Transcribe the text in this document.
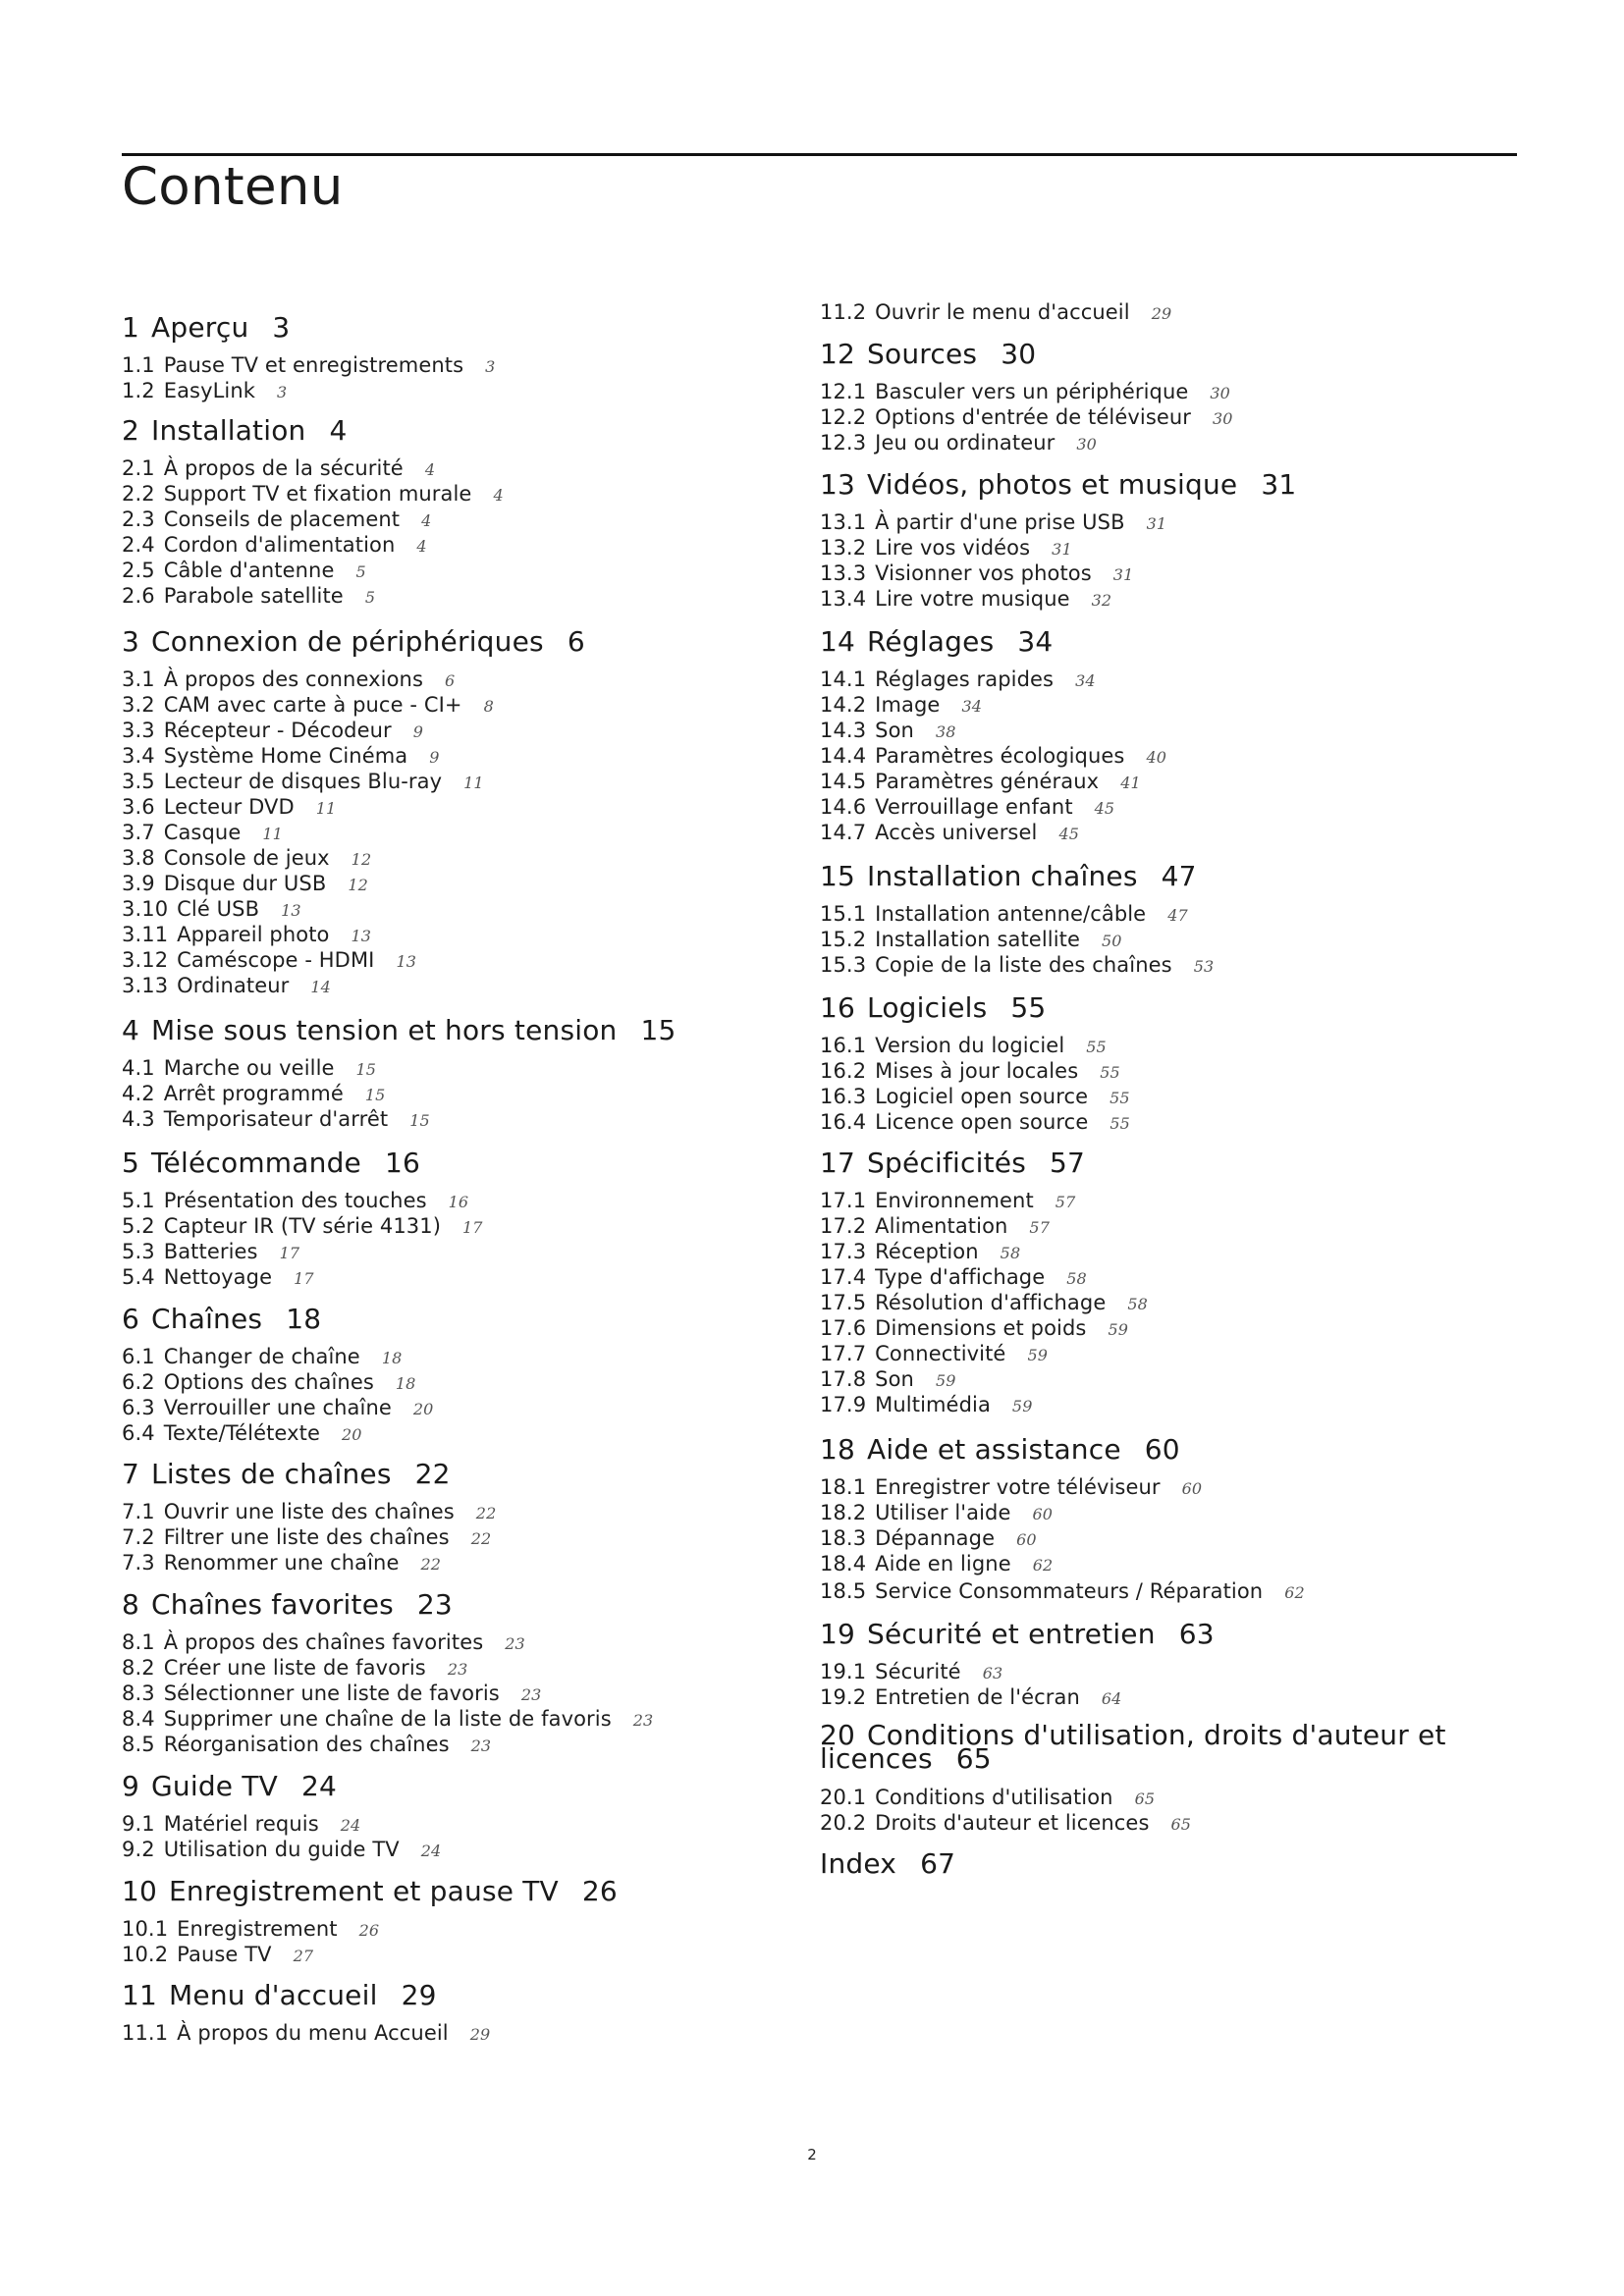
Contenu
1 Aperçu 3
1.1 Pause TV et enregistrements 3
1.2 EasyLink 3
2 Installation 4
2.1 À propos de la sécurité 4
2.2 Support TV et fixation murale 4
2.3 Conseils de placement 4
2.4 Cordon d'alimentation 4
2.5 Câble d'antenne 5
2.6 Parabole satellite 5
3 Connexion de périphériques 6
3.1 À propos des connexions 6
3.2 CAM avec carte à puce - CI+ 8
3.3 Récepteur - Décodeur 9
3.4 Système Home Cinéma 9
3.5 Lecteur de disques Blu-ray 11
3.6 Lecteur DVD 11
3.7 Casque 11
3.8 Console de jeux 12
3.9 Disque dur USB 12
3.10 Clé USB 13
3.11 Appareil photo 13
3.12 Caméscope - HDMI 13
3.13 Ordinateur 14
4 Mise sous tension et hors tension 15
4.1 Marche ou veille 15
4.2 Arrêt programmé 15
4.3 Temporisateur d'arrêt 15
5 Télécommande 16
5.1 Présentation des touches 16
5.2 Capteur IR (TV série 4131) 17
5.3 Batteries 17
5.4 Nettoyage 17
6 Chaînes 18
6.1 Changer de chaîne 18
6.2 Options des chaînes 18
6.3 Verrouiller une chaîne 20
6.4 Texte/Télétexte 20
7 Listes de chaînes 22
7.1 Ouvrir une liste des chaînes 22
7.2 Filtrer une liste des chaînes 22
7.3 Renommer une chaîne 22
8 Chaînes favorites 23
8.1 À propos des chaînes favorites 23
8.2 Créer une liste de favoris 23
8.3 Sélectionner une liste de favoris 23
8.4 Supprimer une chaîne de la liste de favoris 23
8.5 Réorganisation des chaînes 23
9 Guide TV 24
9.1 Matériel requis 24
9.2 Utilisation du guide TV 24
10 Enregistrement et pause TV 26
10.1 Enregistrement 26
10.2 Pause TV 27
11 Menu d'accueil 29
11.1 À propos du menu Accueil 29
11.2 Ouvrir le menu d'accueil 29
12 Sources 30
12.1 Basculer vers un périphérique 30
12.2 Options d'entrée de téléviseur 30
12.3 Jeu ou ordinateur 30
13 Vidéos, photos et musique 31
13.1 À partir d'une prise USB 31
13.2 Lire vos vidéos 31
13.3 Visionner vos photos 31
13.4 Lire votre musique 32
14 Réglages 34
14.1 Réglages rapides 34
14.2 Image 34
14.3 Son 38
14.4 Paramètres écologiques 40
14.5 Paramètres généraux 41
14.6 Verrouillage enfant 45
14.7 Accès universel 45
15 Installation chaînes 47
15.1 Installation antenne/câble 47
15.2 Installation satellite 50
15.3 Copie de la liste des chaînes 53
16 Logiciels 55
16.1 Version du logiciel 55
16.2 Mises à jour locales 55
16.3 Logiciel open source 55
16.4 Licence open source 55
17 Spécificités 57
17.1 Environnement 57
17.2 Alimentation 57
17.3 Réception 58
17.4 Type d'affichage 58
17.5 Résolution d'affichage 58
17.6 Dimensions et poids 59
17.7 Connectivité 59
17.8 Son 59
17.9 Multimédia 59
18 Aide et assistance 60
18.1 Enregistrer votre téléviseur 60
18.2 Utiliser l'aide 60
18.3 Dépannage 60
18.4 Aide en ligne 62
18.5 Service Consommateurs / Réparation 62
19 Sécurité et entretien 63
19.1 Sécurité 63
19.2 Entretien de l'écran 64
20 Conditions d'utilisation, droits d'auteur et licences 65
20.1 Conditions d'utilisation 65
20.2 Droits d'auteur et licences 65
Index 67
2
